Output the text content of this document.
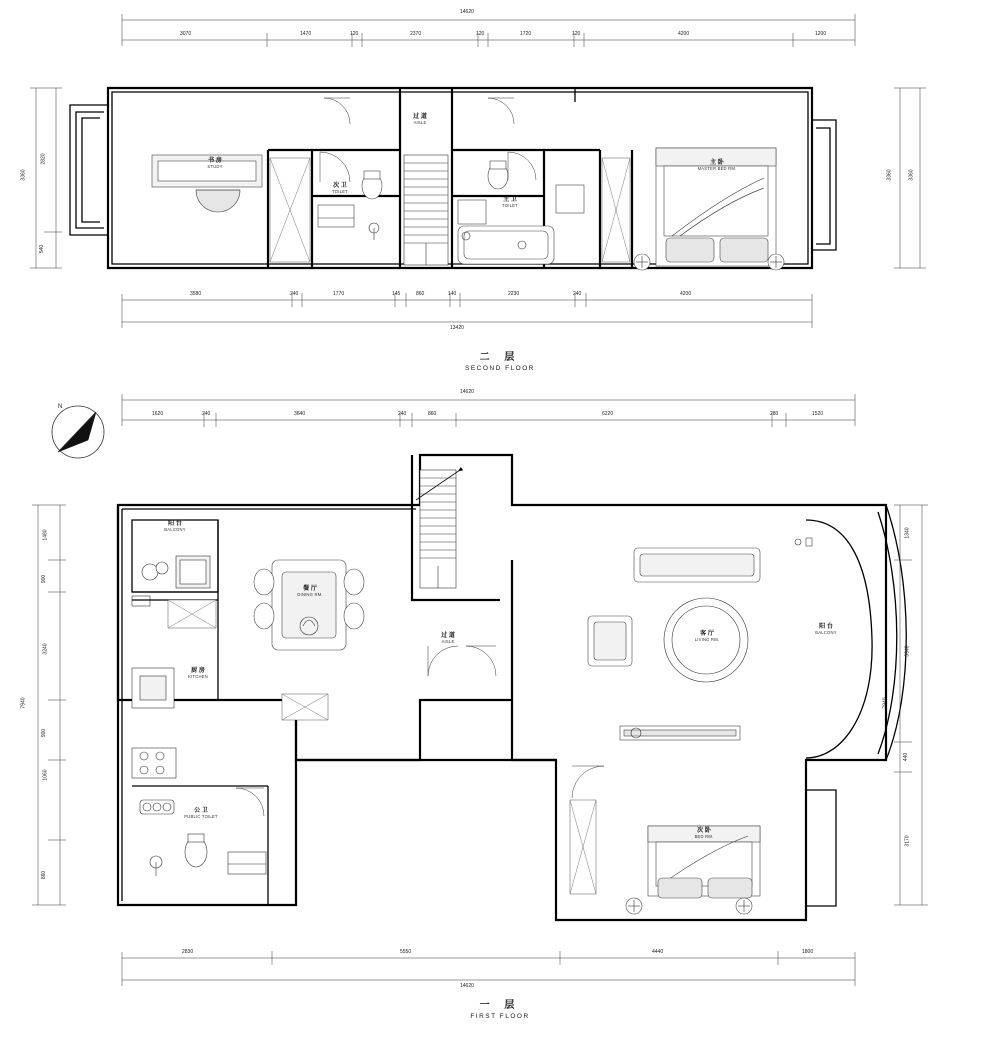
14620
3070	1470	120	2370	120	1720	120	4200	1200
3360
2820
540
3360	3360
3580	240	1770	145	860	140	2230	240	4200
13420
书 房
STUDY
过 道
AISLE
次 卫
TOILET
主 卫
TOILET
主 卧
MASTER BED RM.
二 层
SECOND FLOOR
N
14620
1620	240	3640	240	860	6220	280	1520
1480
900
3240
900
1060
860
7940
1340
3940
440
3170
7940
2830	5550	4440	1800
14620
阳 台
BALCONY
餐 厅
DINING RM.
厨 房
KITCHEN
公 卫
PUBLIC TOILET
过 道
AISLE
客 厅
LIVING RM.
阳 台
BALCONY
次 卧
BED RM.
一 层
FIRST FLOOR
